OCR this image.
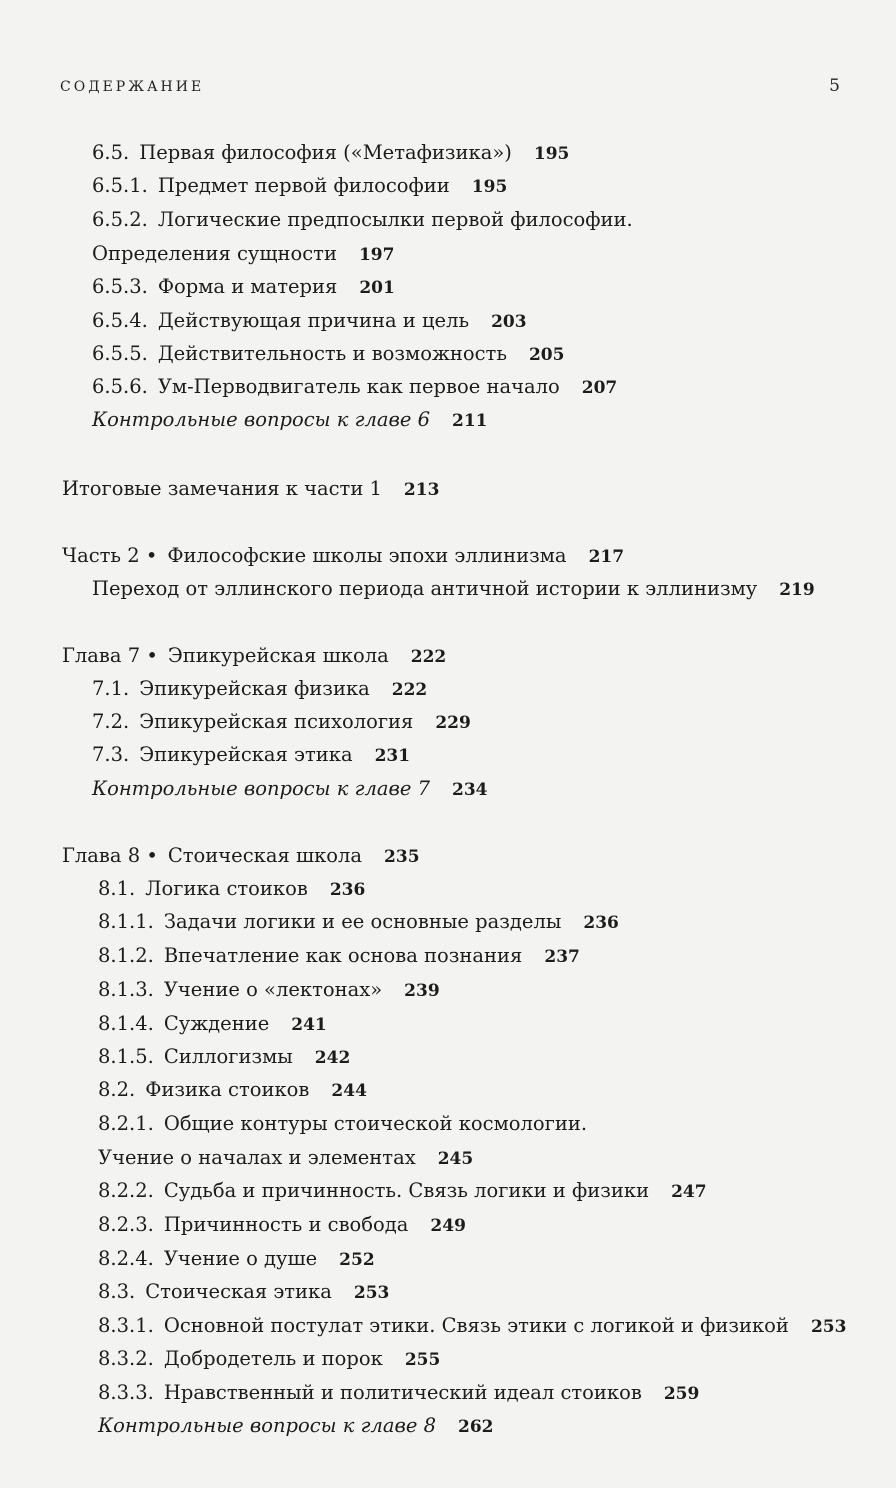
СОДЕРЖАНИЕ	5
6.5. Первая философия («Метафизика») 195
6.5.1. Предмет первой философии 195
6.5.2. Логические предпосылки первой философии.
Определения сущности 197
6.5.3. Форма и материя 201
6.5.4. Действующая причина и цель 203
6.5.5. Действительность и возможность 205
6.5.6. Ум-Перводвигатель как первое начало 207
Контрольные вопросы к главе 6 211
Итоговые замечания к части 1 213
Часть 2 • Философские школы эпохи эллинизма 217
Переход от эллинского периода античной истории к эллинизму 219
Глава 7 • Эпикурейская школа 222
7.1. Эпикурейская физика 222
7.2. Эпикурейская психология 229
7.3. Эпикурейская этика 231
Контрольные вопросы к главе 7 234
Глава 8 • Стоическая школа 235
8.1. Логика стоиков 236
8.1.1. Задачи логики и ее основные разделы 236
8.1.2. Впечатление как основа познания 237
8.1.3. Учение о «лектонах» 239
8.1.4. Суждение 241
8.1.5. Силлогизмы 242
8.2. Физика стоиков 244
8.2.1. Общие контуры стоической космологии.
Учение о началах и элементах 245
8.2.2. Судьба и причинность. Связь логики и физики 247
8.2.3. Причинность и свобода 249
8.2.4. Учение о душе 252
8.3. Стоическая этика 253
8.3.1. Основной постулат этики. Связь этики с логикой и физикой 253
8.3.2. Добродетель и порок 255
8.3.3. Нравственный и политический идеал стоиков 259
Контрольные вопросы к главе 8 262
